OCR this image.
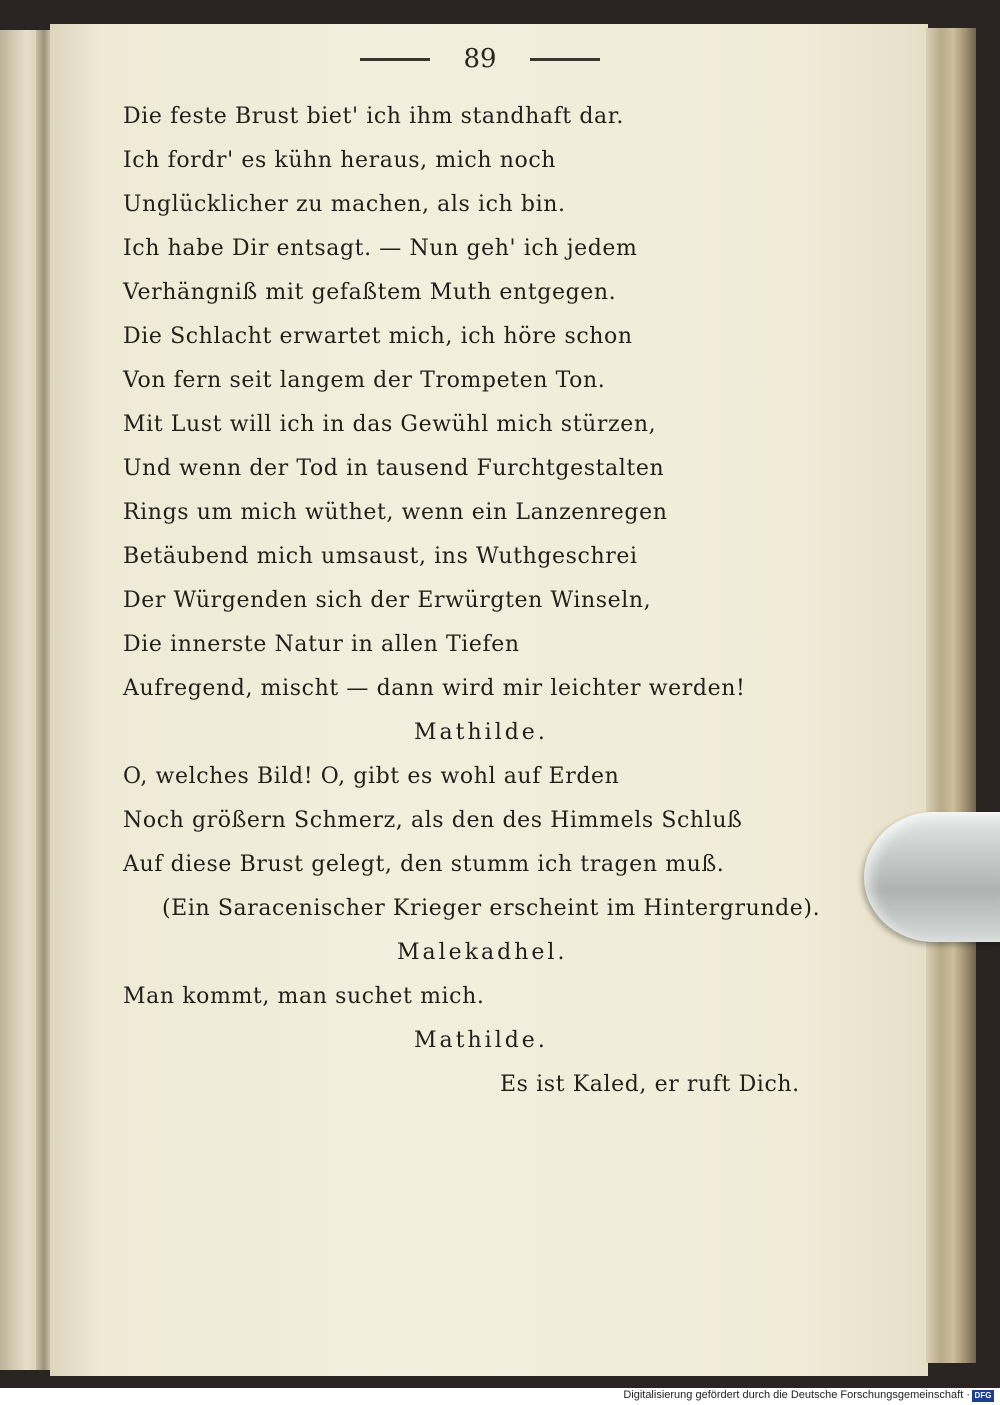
89
Die feste Brust biet' ich ihm standhaft dar.
Ich fordr' es kühn heraus, mich noch
Unglücklicher zu machen, als ich bin.
Ich habe Dir entsagt. — Nun geh' ich jedem
Verhängniß mit gefaßtem Muth entgegen.
Die Schlacht erwartet mich, ich höre schon
Von fern seit langem der Trompeten Ton.
Mit Lust will ich in das Gewühl mich stürzen,
Und wenn der Tod in tausend Furchtgestalten
Rings um mich wüthet, wenn ein Lanzenregen
Betäubend mich umsaust, ins Wuthgeschrei
Der Würgenden sich der Erwürgten Winseln,
Die innerste Natur in allen Tiefen
Aufregend, mischt — dann wird mir leichter werden!
Mathilde.
O, welches Bild! O, gibt es wohl auf Erden
Noch größern Schmerz, als den des Himmels Schluß
Auf diese Brust gelegt, den stumm ich tragen muß.
(Ein Saracenischer Krieger erscheint im Hintergrunde).
Malekadhel.
Man kommt, man suchet mich.
Mathilde.
Es ist Kaled, er ruft Dich.
Digitalisierung gefördert durch die Deutsche Forschungsgemeinschaft · DFG
